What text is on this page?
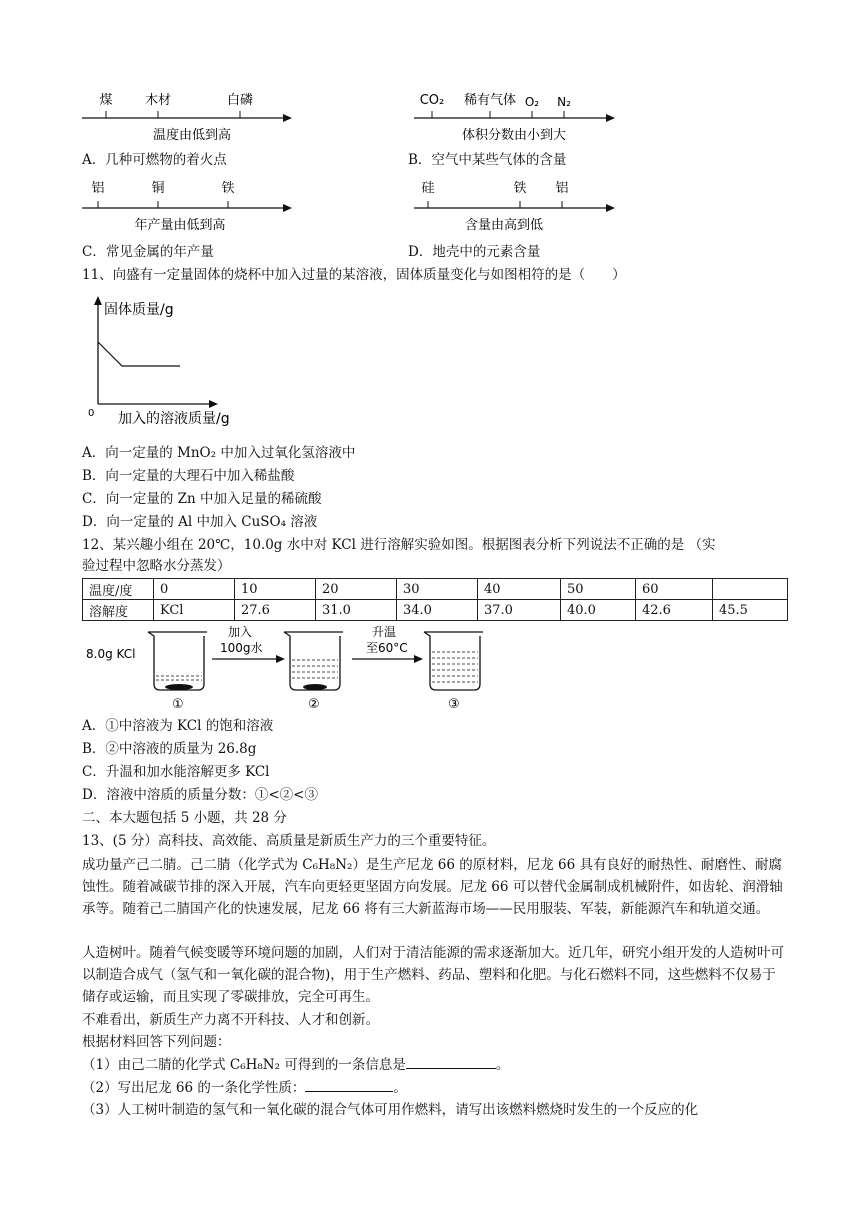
煤 木材	白磷
温度由低到高
A．几种可燃物的着火点
CO₂ 稀有气体 O₂ N₂
体积分数由小到大
B．空气中某些气体的含量
铝	铜	铁
年产量由低到高
C．常见金属的年产量
硅	铁 铝
含量由高到低
D．地壳中的元素含量
11、向盛有一定量固体的烧杯中加入过量的某溶液，固体质量变化与如图相符的是（　　）
固体质量/g
0 加入的溶液质量/g
A．向一定量的 MnO₂ 中加入过氧化氢溶液中
B．向一定量的大理石中加入稀盐酸
C．向一定量的 Zn 中加入足量的稀硫酸
D．向一定量的 Al 中加入 CuSO₄ 溶液
12、某兴趣小组在 20℃，10.0g 水中对 KCl 进行溶解实验如图。根据图表分析下列说法不正确的是 （实
验过程中忽略水分蒸发）
温度/度	0	10	20	30	40	50	60	
溶解度	KCl	27.6	31.0	34.0	37.0	40.0	42.6	45.5
8.0g KCl
①
加入
100g水
②
升温
至60°C
③
A．①中溶液为 KCl 的饱和溶液
B．②中溶液的质量为 26.8g
C．升温和加水能溶解更多 KCl
D．溶液中溶质的质量分数：①<②<③
二、本大题包括 5 小题，共 28 分
13、(5 分）高科技、高效能、高质量是新质生产力的三个重要特征。
成功量产己二腈。己二腈（化学式为 C₆H₈N₂）是生产尼龙 66 的原材料，尼龙 66 具有良好的耐热性、耐磨性、耐腐蚀性。随着减碳节排的深入开展，汽车向更轻更坚固方向发展。尼龙 66 可以替代金属制成机械附件，如齿轮、润滑轴承等。随着己二腈国产化的快速发展，尼龙 66 将有三大新蓝海市场——民用服装、军装，新能源汽车和轨道交通。
人造树叶。随着气候变暖等环境问题的加剧，人们对于清洁能源的需求逐渐加大。近几年，研究小组开发的人造树叶可以制造合成气（氢气和一氧化碳的混合物)，用于生产燃料、药品、塑料和化肥。与化石燃料不同，这些燃料不仅易于储存或运输，而且实现了零碳排放，完全可再生。
不难看出，新质生产力离不开科技、人才和创新。
根据材料回答下列问题：
（1）由己二腈的化学式 C₆H₈N₂ 可得到的一条信息是	。
（2）写出尼龙 66 的一条化学性质：	。
（3）人工树叶制造的氢气和一氧化碳的混合气体可用作燃料，请写出该燃料燃烧时发生的一个反应的化
